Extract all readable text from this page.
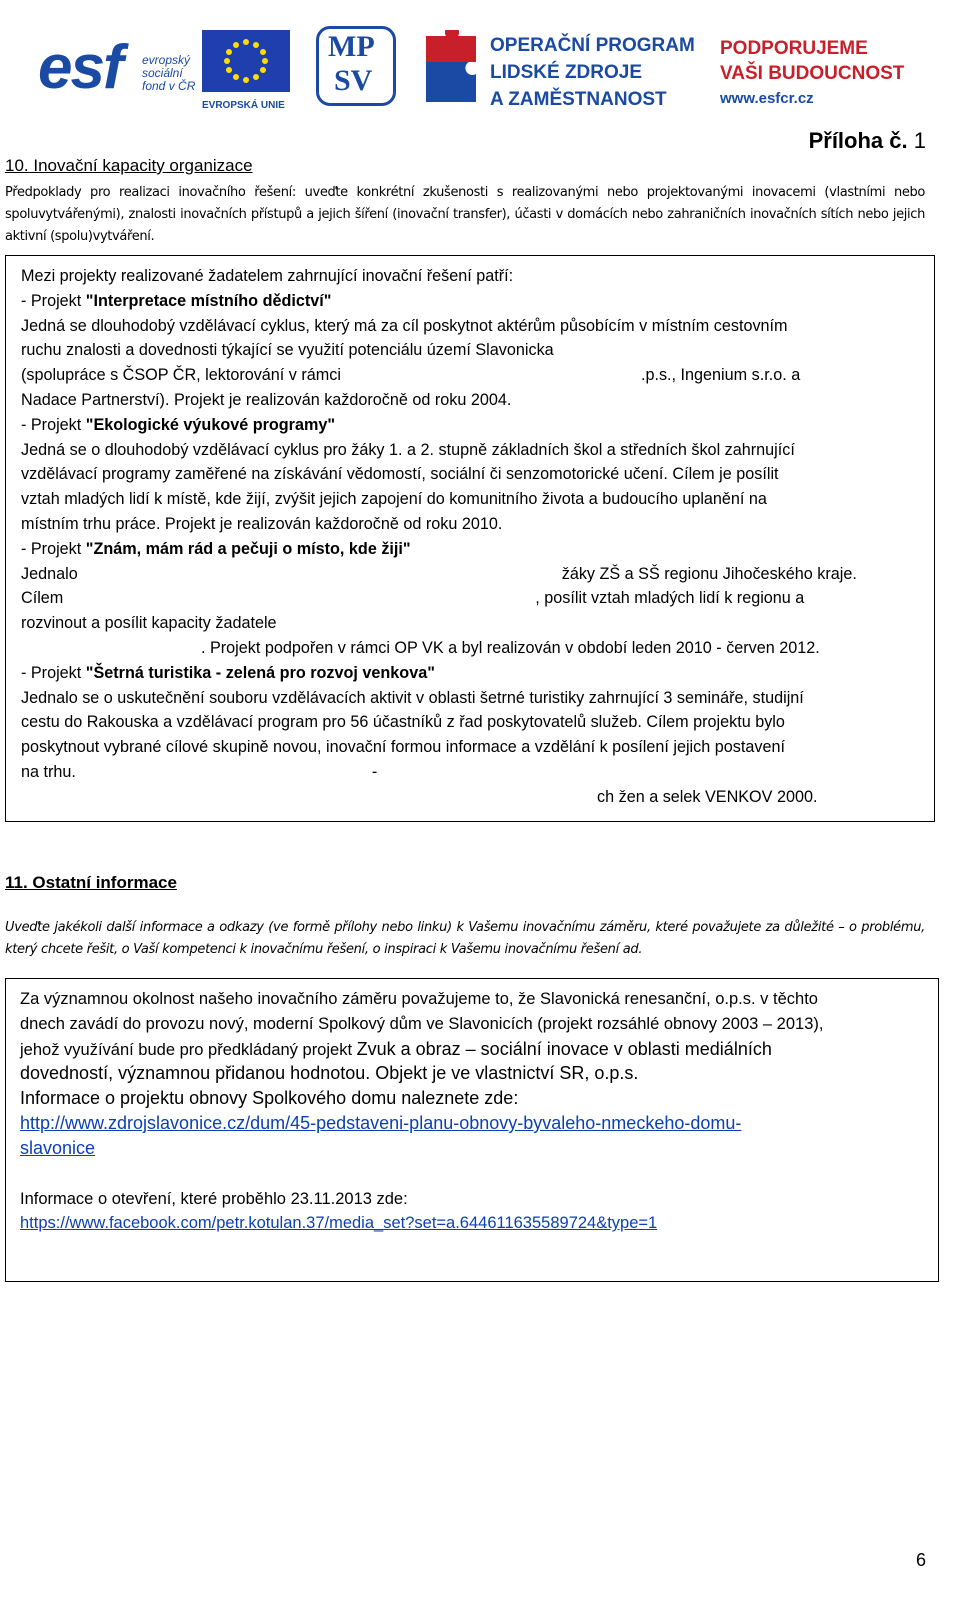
esf evropský
sociální
fond v ČR
EVROPSKÁ UNIE
MP
SV
OPERAČNÍ PROGRAM
LIDSKÉ ZDROJE
A ZAMĚSTNANOST
PODPORUJEME
VAŠI BUDOUCNOST
www.esfcr.cz
Příloha č. 1
10. Inovační kapacity organizace
Předpoklady pro realizaci inovačního řešení: uveďte konkrétní zkušenosti s realizovanými nebo projektovanými inovacemi (vlastními nebo spoluvytvářenými), znalosti inovačních přístupů a jejich šíření (inovační transfer), účasti v domácích nebo zahraničních inovačních sítích nebo jejich aktivní (spolu)vytváření.
Mezi projekty realizované žadatelem zahrnující inovační řešení patří:
- Projekt "Interpretace místního dědictví"
Jedná se dlouhodobý vzdělávací cyklus, který má za cíl poskytnot aktérům působícím v místním cestovním
ruchu znalosti a dovednosti týkající se využití potenciálu území Slavonicka
(spolupráce s ČSOP ČR, lektorování v rámci	.p.s., Ingenium s.r.o. a
Nadace Partnerství). Projekt je realizován každoročně od roku 2004.
- Projekt "Ekologické výukové programy"
Jedná se o dlouhodobý vzdělávací cyklus pro žáky 1. a 2. stupně základních škol a středních škol zahrnující
vzdělávací programy zaměřené na získávání vědomostí, sociální či senzomotorické učení. Cílem je posílit
vztah mladých lidí k místě, kde žijí, zvýšit jejich zapojení do komunitního života a budoucího uplanění na
místním trhu práce. Projekt je realizován každoročně od roku 2010.
- Projekt "Znám, mám rád a pečuji o místo, kde žiji"
Jednalo	žáky ZŠ a SŠ regionu Jihočeského kraje.
Cílem	, posílit vztah mladých lidí k regionu a
rozvinout a posílit kapacity žadatele
. Projekt podpořen v rámci OP VK a byl realizován v období leden 2010 - červen 2012.
- Projekt "Šetrná turistika - zelená pro rozvoj venkova"
Jednalo se o uskutečnění souboru vzdělávacích aktivit v oblasti šetrné turistiky zahrnující 3 semináře, studijní
cestu do Rakouska a vzdělávací program pro 56 účastníků z řad poskytovatelů služeb. Cílem projektu bylo
poskytnout vybrané cílové skupině novou, inovační formou informace a vzdělání k posílení jejich postavení
na trhu.	-
ch žen a selek VENKOV 2000.
11. Ostatní informace
Uveďte jakékoli další informace a odkazy (ve formě přílohy nebo linku) k Vašemu inovačnímu záměru, které považujete za důležité – o problému, který chcete řešit, o Vaší kompetenci k inovačnímu řešení, o inspiraci k Vašemu inovačnímu řešení ad.
Za významnou okolnost našeho inovačního záměru považujeme to, že Slavonická renesanční, o.p.s. v těchto
dnech zavádí do provozu nový, moderní Spolkový dům ve Slavonicích (projekt rozsáhlé obnovy 2003 – 2013),
jehož využívání bude pro předkládaný projekt Zvuk a obraz – sociální inovace v oblasti mediálních
dovedností, významnou přidanou hodnotou. Objekt je ve vlastnictví SR, o.p.s.
Informace o projektu obnovy Spolkového domu naleznete zde:
http://www.zdrojslavonice.cz/dum/45-pedstaveni-planu-obnovy-byvaleho-nmeckeho-domu-
slavonice
Informace o otevření, které proběhlo 23.11.2013 zde:
https://www.facebook.com/petr.kotulan.37/media_set?set=a.644611635589724&type=1
6
